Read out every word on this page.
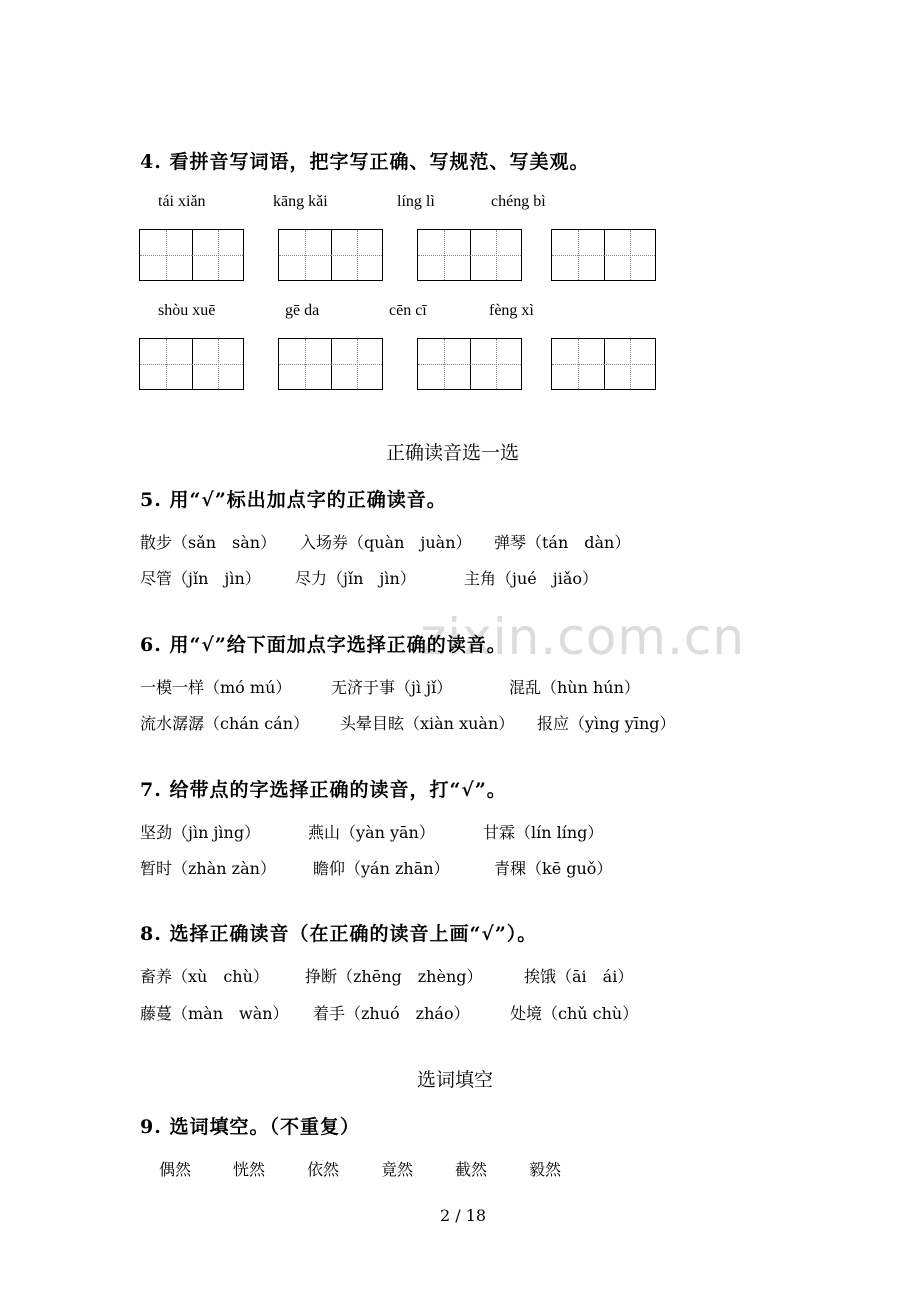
4. 看拼音写词语，把字写正确、写规范、写美观。
tái xiǎn	kāng kǎi	líng lì	chéng bì
shòu xuē	gē da	cēn cī	fèng xì
正确读音选一选
5. 用“√”标出加点字的正确读音。
散步（sǎn　sàn） 入场券（quàn　juàn） 弹琴（tán　dàn）
尽管（jǐn　jìn） 尽力（jǐn　jìn）	主角（jué　jiǎo）
zixin.com.cn
6. 用“√”给下面加点字选择正确的读音。
一模一样（mó mú） 无济于事（jì jǐ）	混乱（hùn hún）
流水潺潺（chán cán） 头晕目眩（xiàn xuàn） 报应（yìng yīng）
7. 给带点的字选择正确的读音，打“√”。
坚劲（jìn jìng）	燕山（yàn yān）	甘霖（lín líng）
暂时（zhàn zàn） 瞻仰（yán zhān）	青稞（kē guǒ）
8. 选择正确读音（在正确的读音上画“√”）。
畜养（xù　chù） 挣断（zhēng　zhèng）	挨饿（āi　ái）
藤蔓（màn　wàn） 着手（zhuó　zháo）	处境（chǔ chù）
选词填空
9. 选词填空。（不重复）
偶然	恍然	依然	竟然	截然	毅然
2 / 18
